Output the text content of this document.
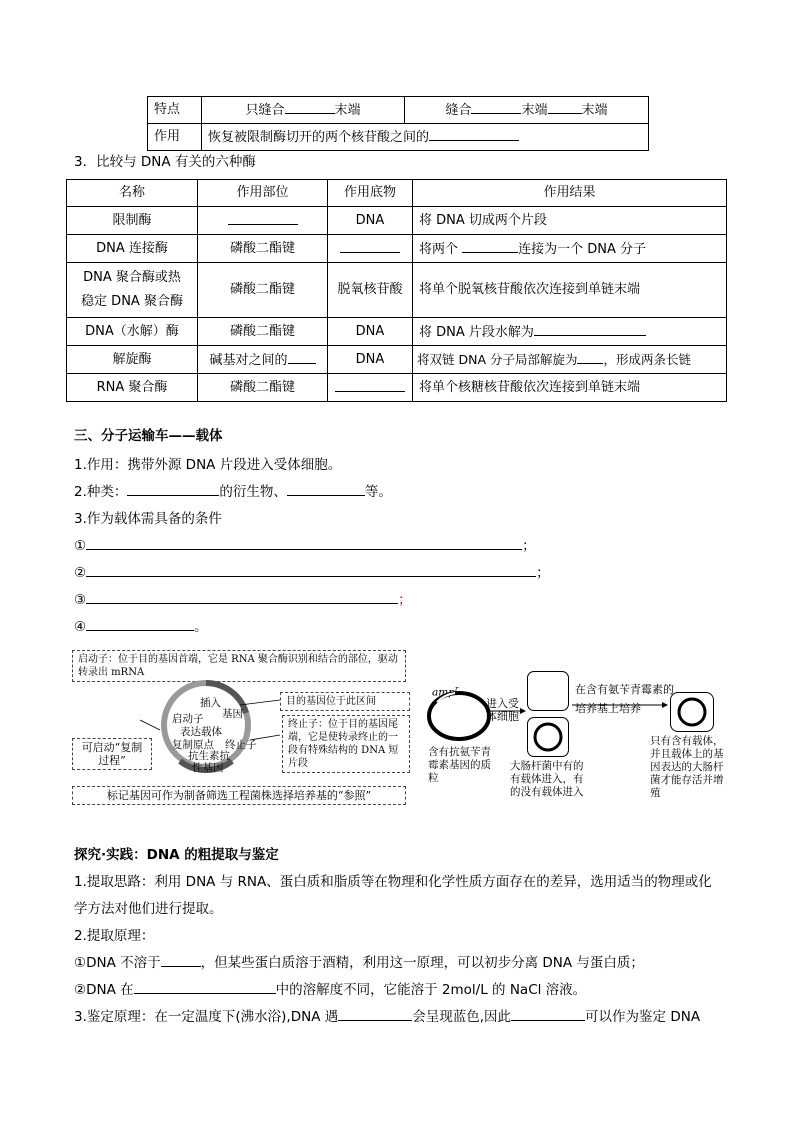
特点	只缝合 末端	缝合 末端 末端
作用	恢复被限制酶切开的两个核苷酸之间的	
3．比较与 DNA 有关的六种酶
名称	作用部位	作用底物	作用结果
限制酶		DNA	将 DNA 切成两个片段
DNA 连接酶	磷酸二酯键		将两个 连接为一个 DNA 分子

DNA 聚合酶或热
稳定 DNA 聚合酶	磷酸二酯键	脱氧核苷酸	将单个脱氧核苷酸依次连接到单链末端
DNA（水解）酶	磷酸二酯键	DNA	将 DNA 片段水解为
解旋酶	碱基对之间的	DNA	将双链 DNA 分子局部解旋为 ，形成两条长链
RNA 聚合酶	磷酸二酯键		将单个核糖核苷酸依次连接到单链末端
三、分子运输车——载体
1.作用：携带外源 DNA 片段进入受体细胞。
2.种类：	的衍生物、	等。
3.作为载体需具备的条件
①	；
②	；
③	；
④	。
启动子：位于目的基因首端，它是 RNA 聚合酶识别和结合的部位，驱动转录出 mRNA
目的基因位于此区间
终止子：位于目的基因尾端，它是使转录终止的一段有特殊结构的 DNA 短片段
可启动“复制过程”
标记基因可作为制备筛选工程菌株选择培养基的“参照”
插入
基因
启动子
表达载体
复制原点 终止子
抗生素抗
性基因
amp$^r$
含有抗氨苄青霉素基因的质粒
进入受体细胞
大肠杆菌中有的有载体进入，有的没有载体进入
在含有氨苄青霉素的培养基上培养
只有含有载体，并且载体上的基因表达的大肠杆菌才能存活并增殖
探究·实践：DNA 的粗提取与鉴定
1.提取思路：利用 DNA 与 RNA、蛋白质和脂质等在物理和化学性质方面存在的差异，选用适当的物理或化
学方法对他们进行提取。
2.提取原理：
①DNA 不溶于	，但某些蛋白质溶于酒精，利用这一原理，可以初步分离 DNA 与蛋白质；
②DNA 在	中的溶解度不同，它能溶于 2mol/L 的 NaCl 溶液。
3.鉴定原理：在一定温度下(沸水浴),DNA 遇	会呈现蓝色,因此	可以作为鉴定 DNA
